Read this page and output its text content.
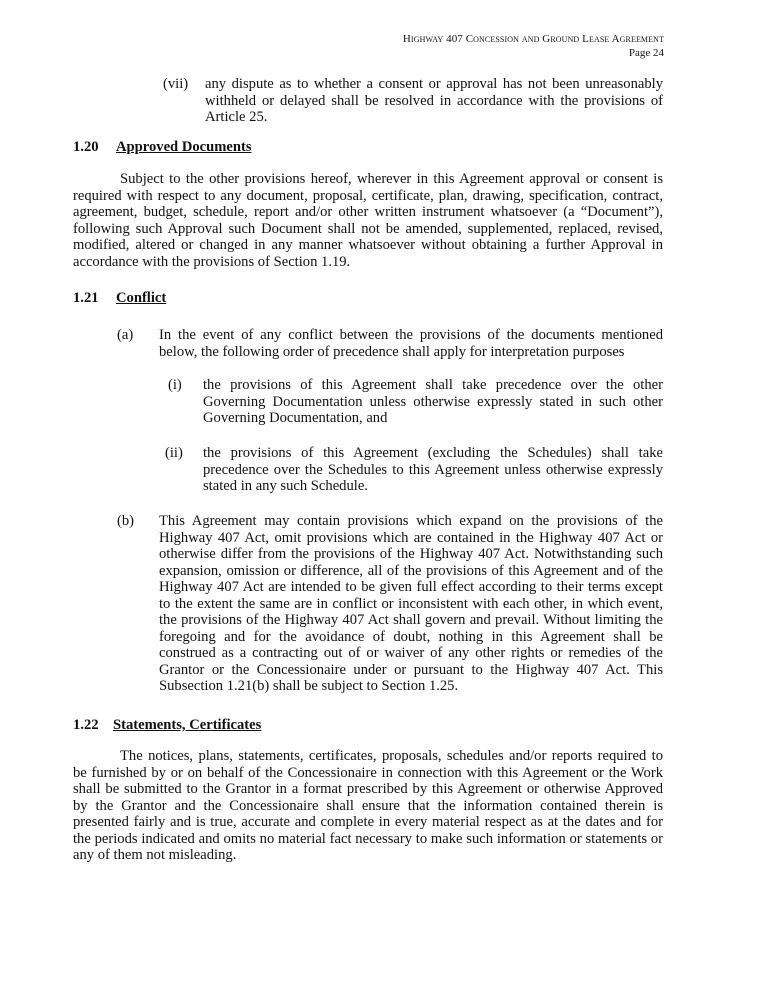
Highway 407 Concession and Ground Lease Agreement
Page 24
(vii) any dispute as to whether a consent or approval has not been unreasonably withheld or delayed shall be resolved in accordance with the provisions of Article 25.
1.20 Approved Documents
Subject to the other provisions hereof, wherever in this Agreement approval or consent is required with respect to any document, proposal, certificate, plan, drawing, specification, contract, agreement, budget, schedule, report and/or other written instrument whatsoever (a “Document”), following such Approval such Document shall not be amended, supplemented, replaced, revised, modified, altered or changed in any manner whatsoever without obtaining a further Approval in accordance with the provisions of Section 1.19.
1.21 Conflict
(a) In the event of any conflict between the provisions of the documents mentioned below, the following order of precedence shall apply for interpretation purposes
(i) the provisions of this Agreement shall take precedence over the other Governing Documentation unless otherwise expressly stated in such other Governing Documentation, and
(ii) the provisions of this Agreement (excluding the Schedules) shall take precedence over the Schedules to this Agreement unless otherwise expressly stated in any such Schedule.
(b) This Agreement may contain provisions which expand on the provisions of the Highway 407 Act, omit provisions which are contained in the Highway 407 Act or otherwise differ from the provisions of the Highway 407 Act. Notwithstanding such expansion, omission or difference, all of the provisions of this Agreement and of the Highway 407 Act are intended to be given full effect according to their terms except to the extent the same are in conflict or inconsistent with each other, in which event, the provisions of the Highway 407 Act shall govern and prevail. Without limiting the foregoing and for the avoidance of doubt, nothing in this Agreement shall be construed as a contracting out of or waiver of any other rights or remedies of the Grantor or the Concessionaire under or pursuant to the Highway 407 Act. This Subsection 1.21(b) shall be subject to Section 1.25.
1.22 Statements, Certificates
The notices, plans, statements, certificates, proposals, schedules and/or reports required to be furnished by or on behalf of the Concessionaire in connection with this Agreement or the Work shall be submitted to the Grantor in a format prescribed by this Agreement or otherwise Approved by the Grantor and the Concessionaire shall ensure that the information contained therein is presented fairly and is true, accurate and complete in every material respect as at the dates and for the periods indicated and omits no material fact necessary to make such information or statements or any of them not misleading.
